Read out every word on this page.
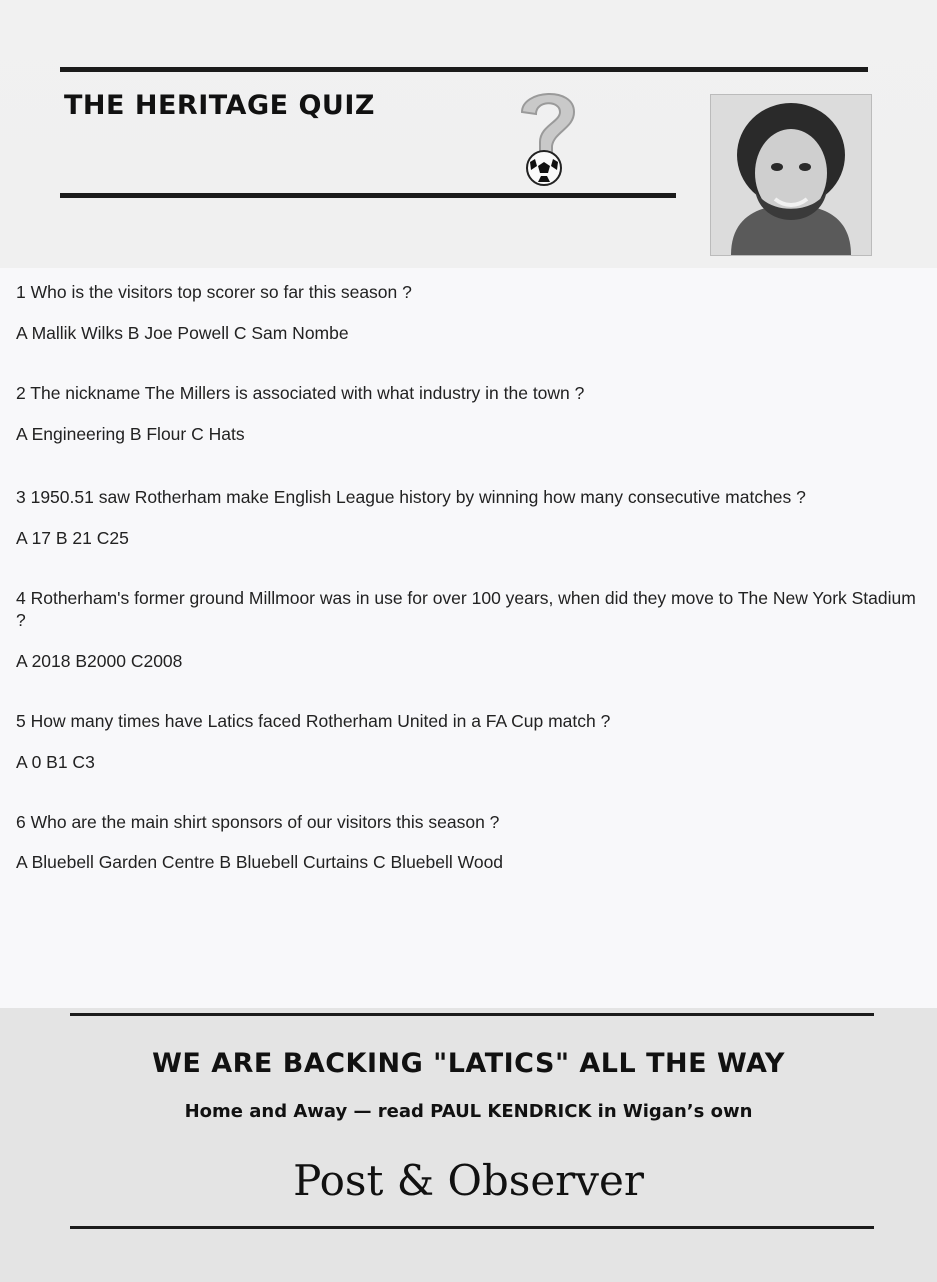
THE HERITAGE QUIZ

1 Who is the visitors top scorer so far this season ?

A Mallik Wilks B Joe Powell C Sam Nombe

2 The nickname The Millers is associated with what industry in the town ?

A Engineering B Flour C Hats

3 1950.51 saw Rotherham make English League history by winning how many consecutive matches ?

A 17 B 21 C25

4 Rotherham's former ground Millmoor was in use for over 100 years, when did they move to The New York Stadium ?

A 2018 B2000 C2008

5 How many times have Latics faced Rotherham United in a FA Cup match ?

A 0 B1 C3

6 Who are the main shirt sponsors of our visitors this season ?

A Bluebell Garden Centre B Bluebell Curtains C Bluebell Wood

WE ARE BACKING "LATICS" ALL THE WAY

Home and Away — read PAUL KENDRICK in Wigan’s own

Post & Observer
